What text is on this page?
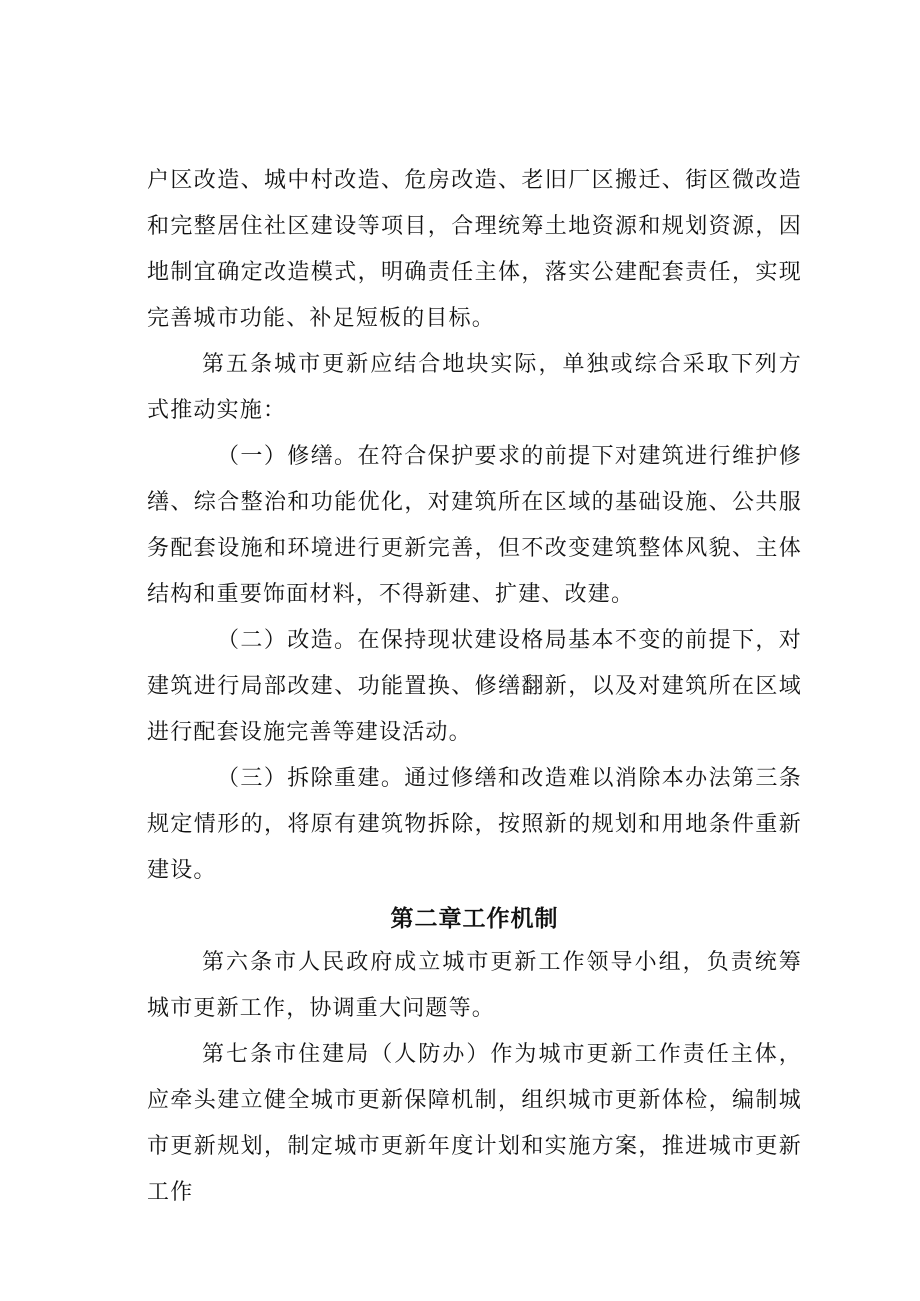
户区改造、城中村改造、危房改造、老旧厂区搬迁、街区微改造和完整居住社区建设等项目，合理统筹土地资源和规划资源，因地制宜确定改造模式，明确责任主体，落实公建配套责任，实现完善城市功能、补足短板的目标。

第五条城市更新应结合地块实际，单独或综合采取下列方式推动实施：

（一）修缮。在符合保护要求的前提下对建筑进行维护修缮、综合整治和功能优化，对建筑所在区域的基础设施、公共服务配套设施和环境进行更新完善，但不改变建筑整体风貌、主体结构和重要饰面材料，不得新建、扩建、改建。

（二）改造。在保持现状建设格局基本不变的前提下，对建筑进行局部改建、功能置换、修缮翻新，以及对建筑所在区域进行配套设施完善等建设活动。

（三）拆除重建。通过修缮和改造难以消除本办法第三条规定情形的，将原有建筑物拆除，按照新的规划和用地条件重新建设。

第二章工作机制

第六条市人民政府成立城市更新工作领导小组，负责统筹城市更新工作，协调重大问题等。

第七条市住建局（人防办）作为城市更新工作责任主体，应牵头建立健全城市更新保障机制，组织城市更新体检，编制城市更新规划，制定城市更新年度计划和实施方案，推进城市更新工作
